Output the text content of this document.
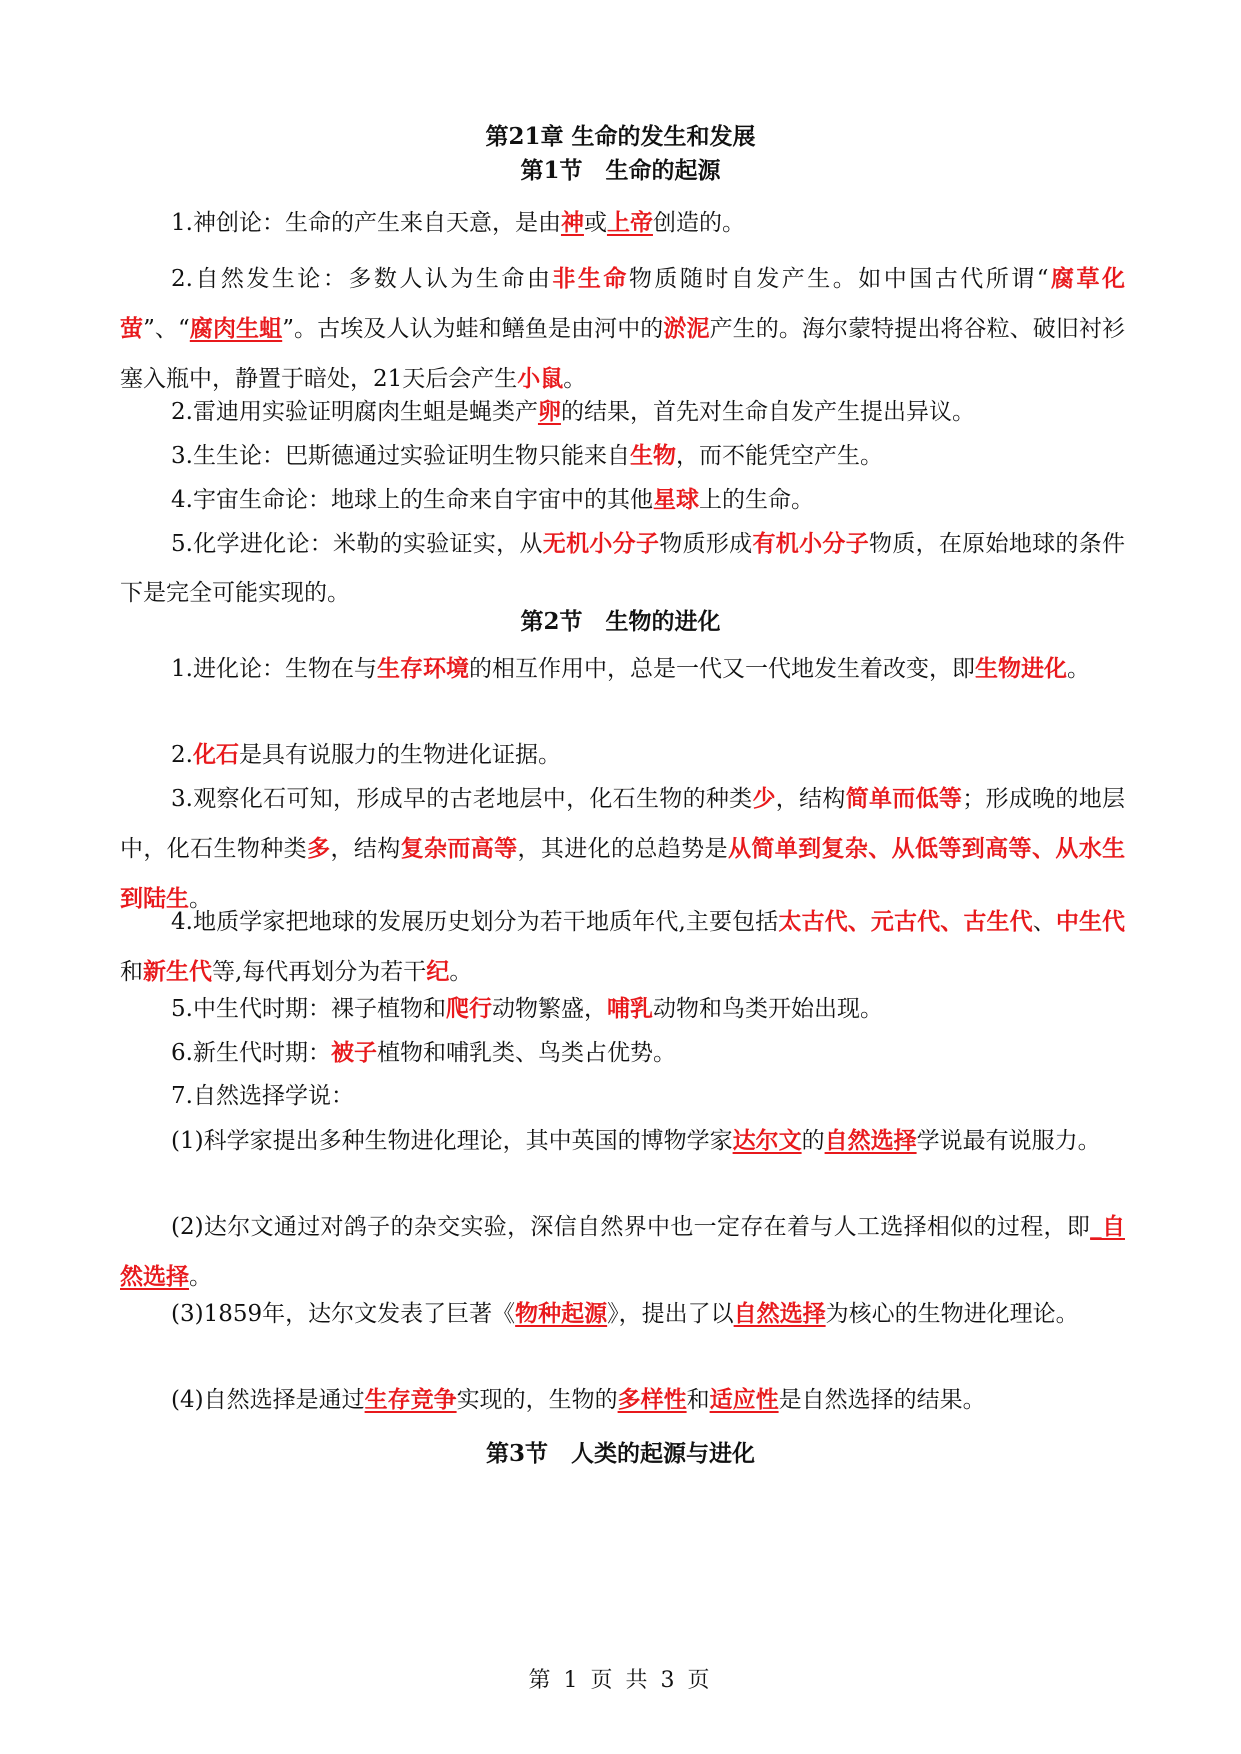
第21章 生命的发生和发展
第1节　生命的起源

1.神创论：生命的产生来自天意，是由神或上帝创造的。

2.自然发生论：多数人认为生命由非生命物质随时自发产生。如中国古代所谓“腐草化萤”、“腐肉生蛆”。古埃及人认为蛙和鳝鱼是由河中的淤泥产生的。海尔蒙特提出将谷粒、破旧衬衫塞入瓶中，静置于暗处，21天后会产生小鼠。

2.雷迪用实验证明腐肉生蛆是蝇类产卵的结果，首先对生命自发产生提出异议。

3.生生论：巴斯德通过实验证明生物只能来自生物，而不能凭空产生。

4.宇宙生命论：地球上的生命来自宇宙中的其他星球上的生命。

5.化学进化论：米勒的实验证实，从无机小分子物质形成有机小分子物质，在原始地球的条件下是完全可能实现的。

第2节　生物的进化

1.进化论：生物在与生存环境的相互作用中，总是一代又一代地发生着改变，即生物进化。

2.化石是具有说服力的生物进化证据。

3.观察化石可知，形成早的古老地层中，化石生物的种类少，结构简单而低等；形成晚的地层中，化石生物种类多，结构复杂而高等，其进化的总趋势是从简单到复杂、从低等到高等、从水生到陆生。

4.地质学家把地球的发展历史划分为若干地质年代,主要包括太古代、元古代、古生代、中生代和新生代等,每代再划分为若干纪。

5.中生代时期：裸子植物和爬行动物繁盛，哺乳动物和鸟类开始出现。

6.新生代时期：被子植物和哺乳类、鸟类占优势。

7.自然选择学说：

(1)科学家提出多种生物进化理论，其中英国的博物学家达尔文的自然选择学说最有说服力。

(2)达尔文通过对鸽子的杂交实验，深信自然界中也一定存在着与人工选择相似的过程，即_自然选择。

(3)1859年，达尔文发表了巨著《物种起源》，提出了以自然选择为核心的生物进化理论。

(4)自然选择是通过生存竞争实现的，生物的多样性和适应性是自然选择的结果。

第3节　人类的起源与进化
第 1 页 共 3 页
